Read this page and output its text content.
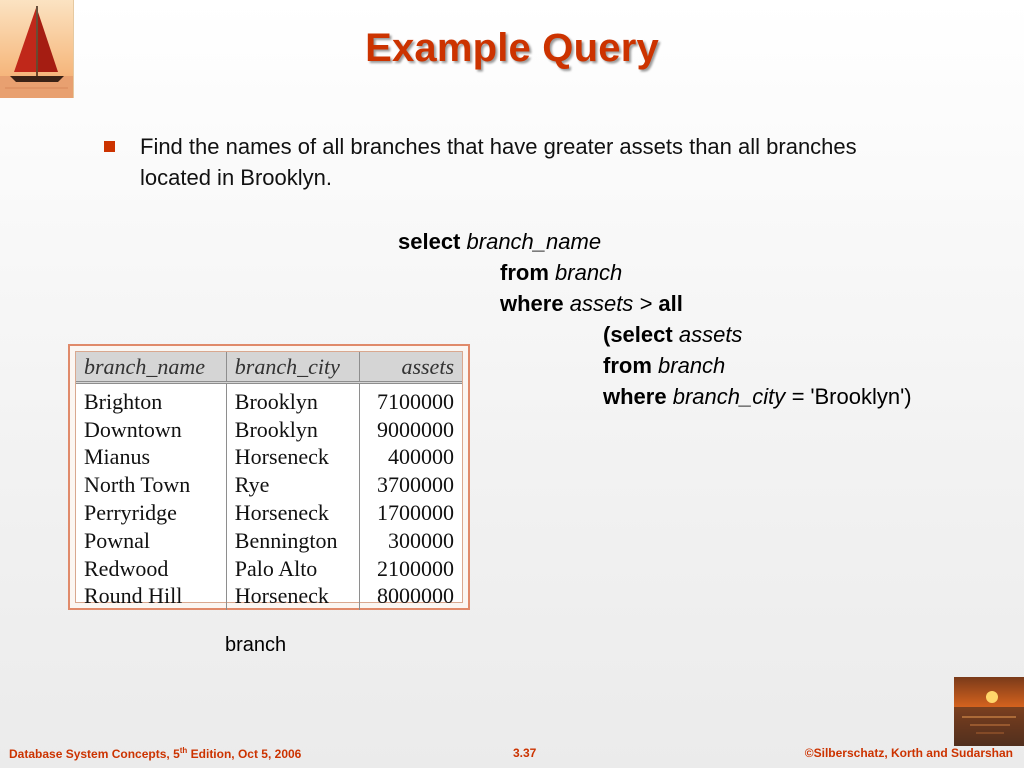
Example Query
Find the names of all branches that have greater assets than all branches located in Brooklyn.
select branch_name
from branch
where assets > all
(select assets
from branch
where branch_city = 'Brooklyn')
branch_name	branch_city	assets
Brighton	Brooklyn	7100000
Downtown	Brooklyn	9000000
Mianus	Horseneck	400000
North Town	Rye	3700000
Perryridge	Horseneck	1700000
Pownal	Bennington	300000
Redwood	Palo Alto	2100000
Round Hill	Horseneck	8000000
branch
Database System Concepts, 5th Edition, Oct 5, 2006	3.37	©Silberschatz, Korth and Sudarshan
